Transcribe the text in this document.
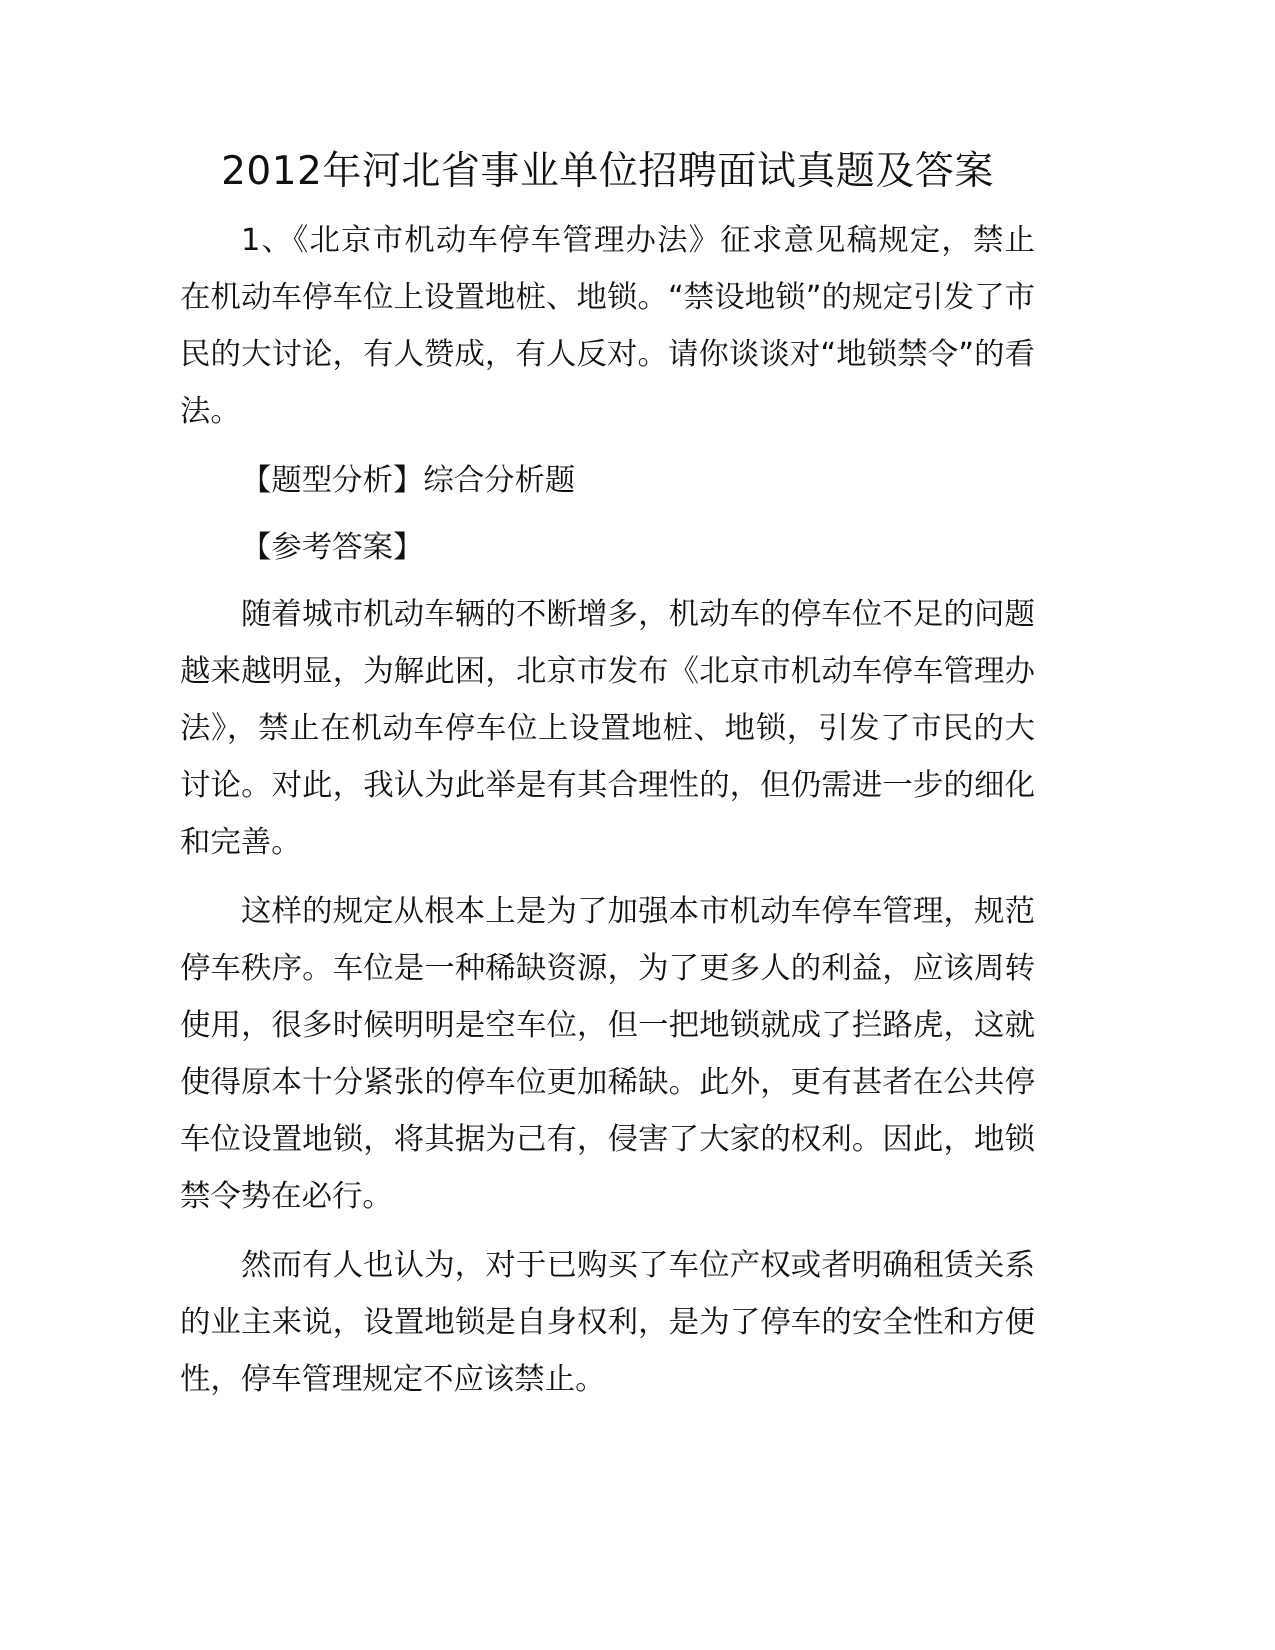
2012年河北省事业单位招聘面试真题及答案

1、《北京市机动车停车管理办法》征求意见稿规定，禁止在机动车停车位上设置地桩、地锁。“禁设地锁”的规定引发了市民的大讨论，有人赞成，有人反对。请你谈谈对“地锁禁令”的看法。

【题型分析】综合分析题

【参考答案】

随着城市机动车辆的不断增多，机动车的停车位不足的问题越来越明显，为解此困，北京市发布《北京市机动车停车管理办法》，禁止在机动车停车位上设置地桩、地锁，引发了市民的大讨论。对此，我认为此举是有其合理性的，但仍需进一步的细化和完善。

这样的规定从根本上是为了加强本市机动车停车管理，规范停车秩序。车位是一种稀缺资源，为了更多人的利益，应该周转使用，很多时候明明是空车位，但一把地锁就成了拦路虎，这就使得原本十分紧张的停车位更加稀缺。此外，更有甚者在公共停车位设置地锁，将其据为己有，侵害了大家的权利。因此，地锁禁令势在必行。

然而有人也认为，对于已购买了车位产权或者明确租赁关系的业主来说，设置地锁是自身权利，是为了停车的安全性和方便性，停车管理规定不应该禁止。
